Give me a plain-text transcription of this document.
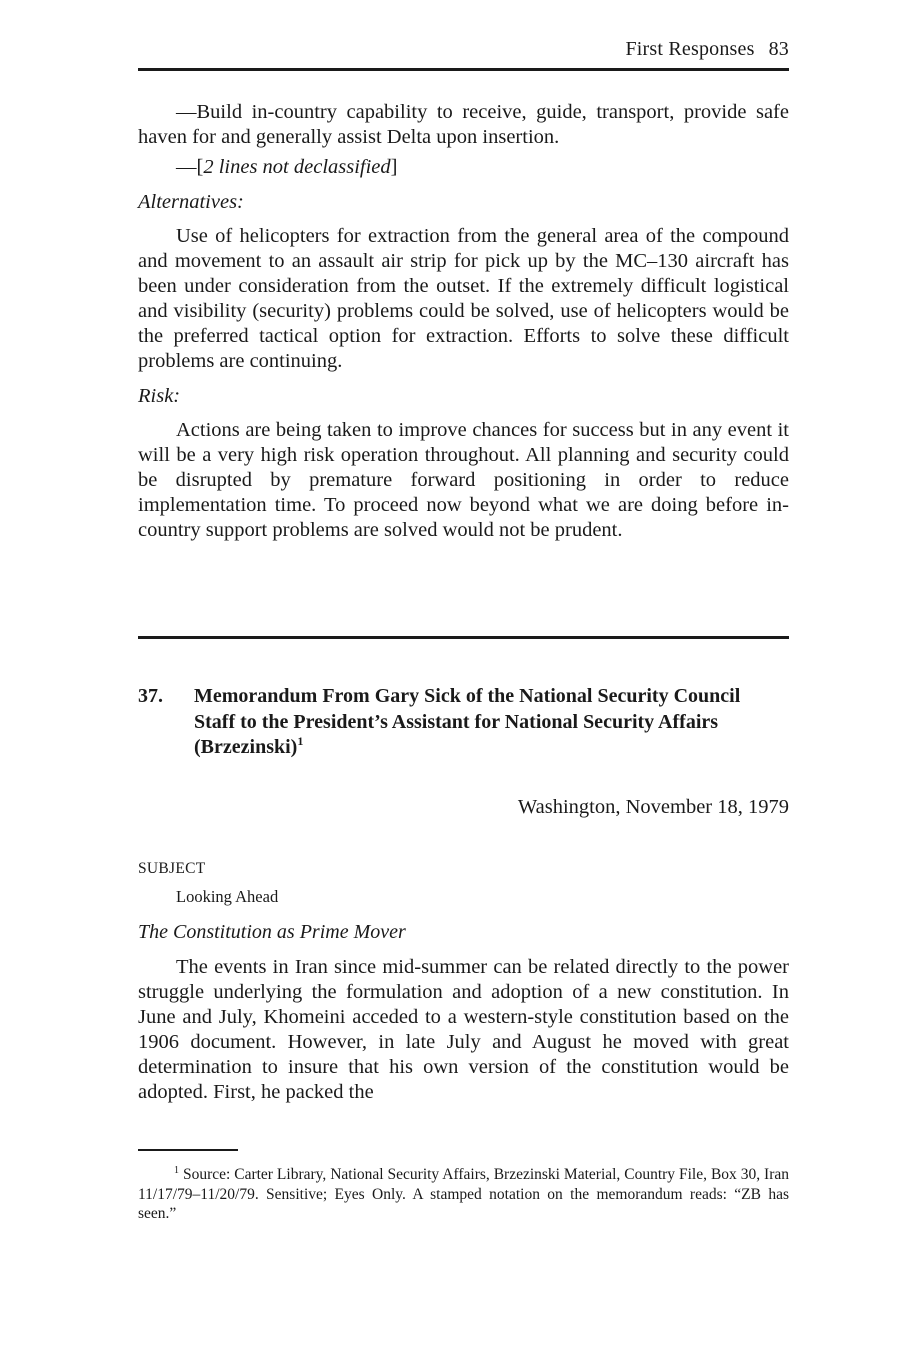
First Responses 83

—Build in-country capability to receive, guide, transport, provide safe haven for and generally assist Delta upon insertion.

—[2 lines not declassified]

Alternatives:

Use of helicopters for extraction from the general area of the compound and movement to an assault air strip for pick up by the MC–130 aircraft has been under consideration from the outset. If the extremely difficult logistical and visibility (security) problems could be solved, use of helicopters would be the preferred tactical option for extraction. Efforts to solve these difficult problems are continuing.

Risk:

Actions are being taken to improve chances for success but in any event it will be a very high risk operation throughout. All planning and security could be disrupted by premature forward positioning in order to reduce implementation time. To proceed now beyond what we are doing before in-country support problems are solved would not be prudent.

37. Memorandum From Gary Sick of the National Security Council Staff to the President’s Assistant for National Security Affairs (Brzezinski)$^1$
Washington, November 18, 1979
SUBJECT
Looking Ahead
The Constitution as Prime Mover

The events in Iran since mid-summer can be related directly to the power struggle underlying the formulation and adoption of a new constitution. In June and July, Khomeini acceded to a western-style constitution based on the 1906 document. However, in late July and August he moved with great determination to insure that his own version of the constitution would be adopted. First, he packed the

$^1$ Source: Carter Library, National Security Affairs, Brzezinski Material, Country File, Box 30, Iran 11/17/79–11/20/79. Sensitive; Eyes Only. A stamped notation on the memorandum reads: “ZB has seen.”
